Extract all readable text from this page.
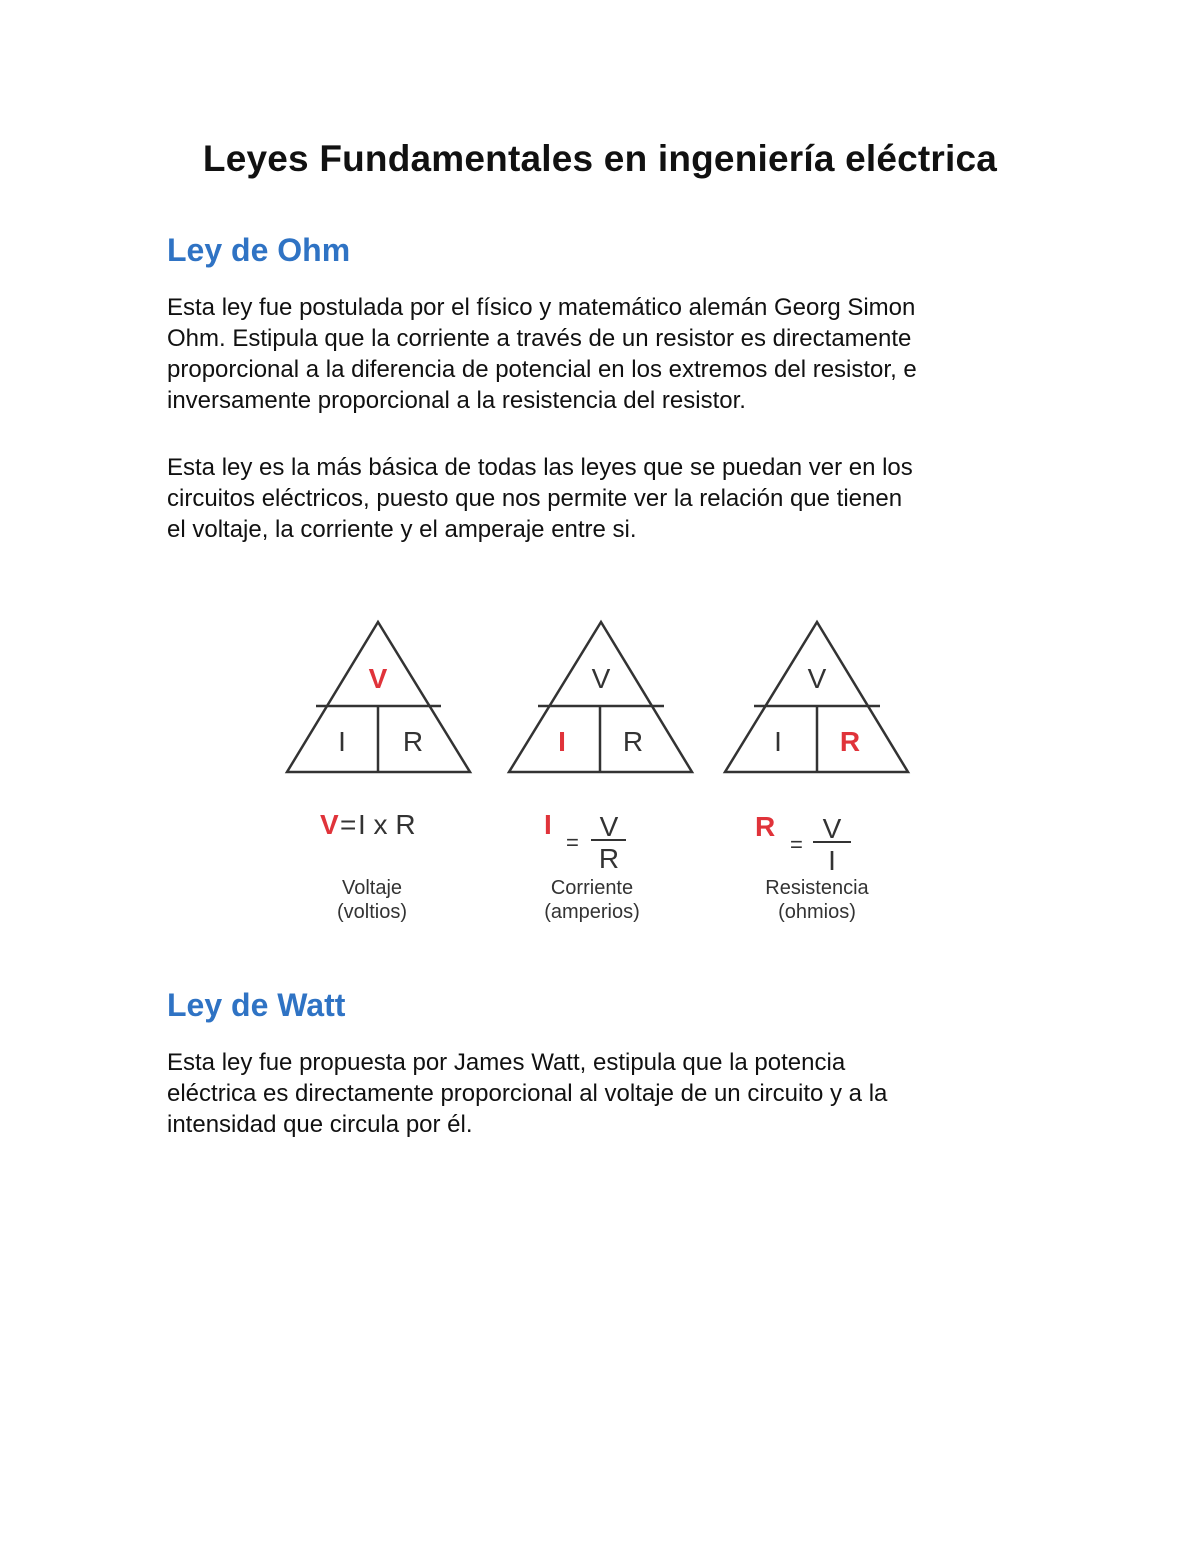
Leyes Fundamentales en ingeniería eléctrica
Ley de Ohm

Esta ley fue postulada por el físico y matemático alemán Georg Simon
Ohm. Estipula que la corriente a través de un resistor es directamente
proporcional a la diferencia de potencial en los extremos del resistor, e
inversamente proporcional a la resistencia del resistor.

Esta ley es la más básica de todas las leyes que se puedan ver en los
circuitos eléctricos, puesto que nos permite ver la relación que tienen
el voltaje, la corriente y el amperaje entre si.

V
I R
V = I x R
Voltaje
(voltios)
V
I R
I
=
V
R
Corriente
(amperios)
V
I R
R
=
V
I
Resistencia
(ohmios)
Ley de Watt

Esta ley fue propuesta por James Watt, estipula que la potencia
eléctrica es directamente proporcional al voltaje de un circuito y a la
intensidad que circula por él.
